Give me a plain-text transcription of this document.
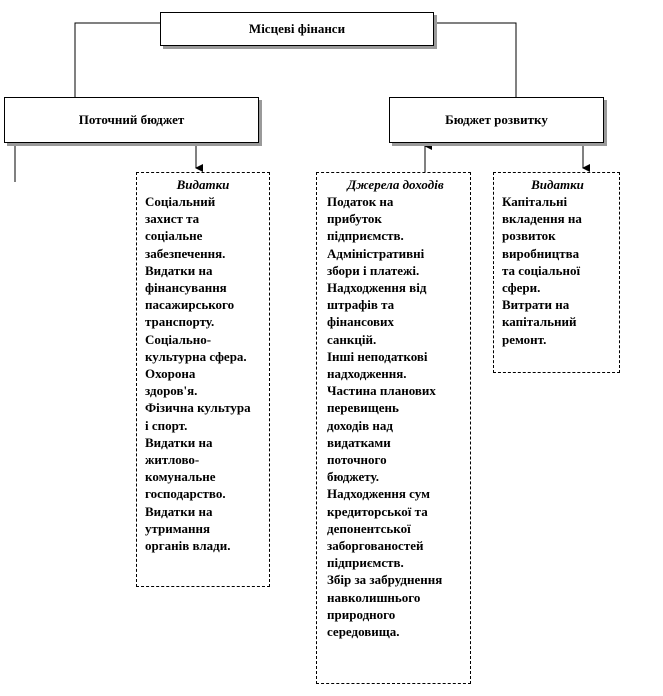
Місцеві фінанси
Поточний бюджет	Бюджет розвитку
Видатки
Соціальний
захист та
соціальне
забезпечення.
Видатки на
фінансування
пасажирського
транспорту.
Соціально-
культурна сфера.
Охорона
здоров'я.
Фізична культура
і спорт.
Видатки на
житлово-
комунальне
господарство.
Видатки на
утримання
органів влади.
Джерела доходів
Податок на
прибуток
підприємств.
Адміністративні
збори і платежі.
Надходження від
штрафів та
фінансових
санкцій.
Інші неподаткові
надходження.
Частина планових
перевищень
доходів над
видатками
поточного
бюджету.
Надходження сум
кредиторської та
депонентської
заборгованостей
підприємств.
Збір за забруднення
навколишнього
природного
середовища.
Видатки
Капітальні
вкладення на
розвиток
виробництва
та соціальної
сфери.
Витрати на
капітальний
ремонт.
